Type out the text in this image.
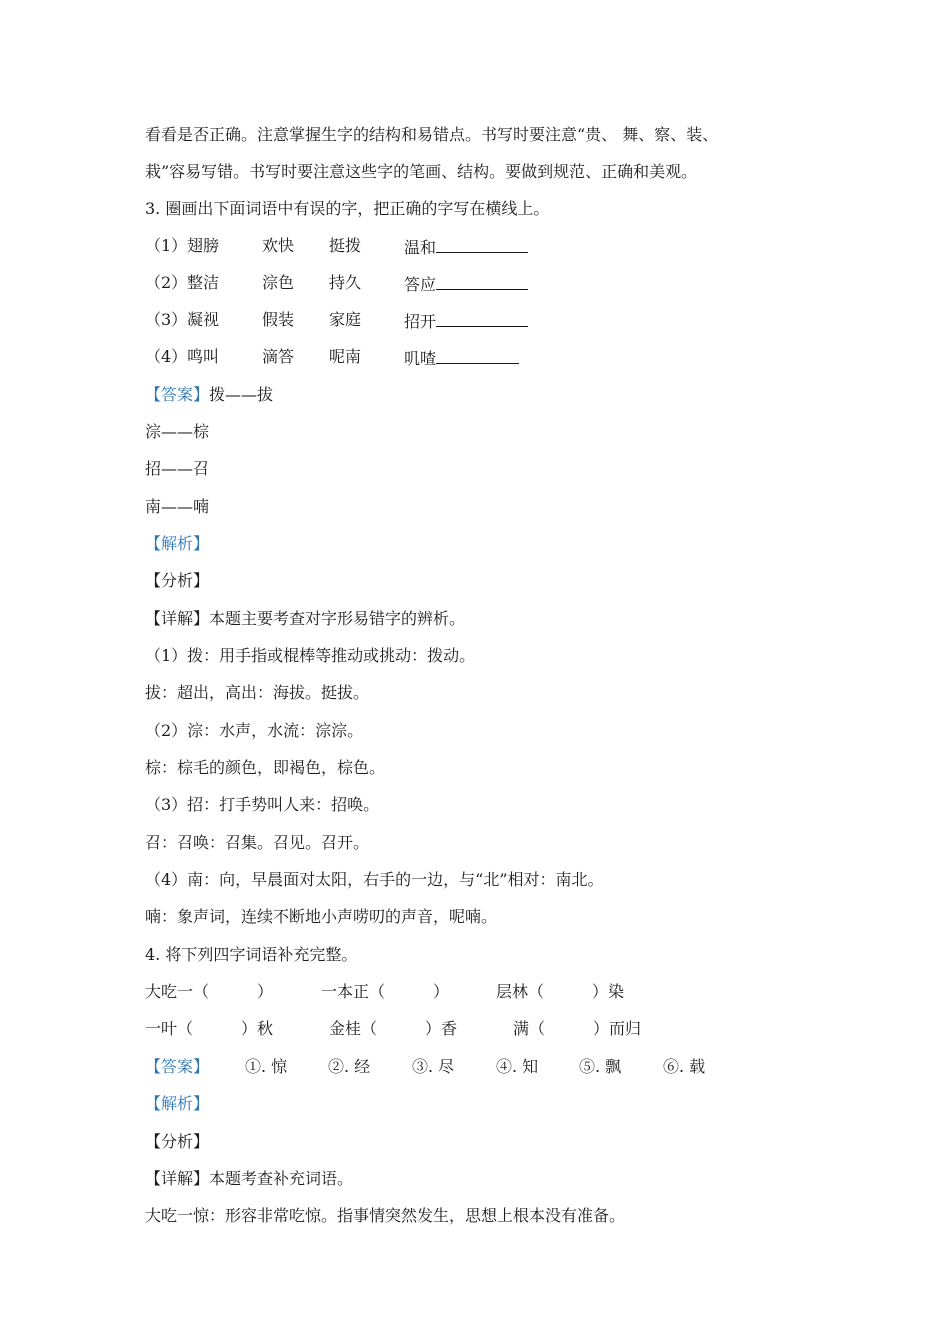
看看是否正确。注意掌握生字的结构和易错点。书写时要注意“贵、 舞、察、装、
栽”容易写错。书写时要注意这些字的笔画、结构。要做到规范、正确和美观。
3. 圈画出下面词语中有误的字，把正确的字写在横线上。
（1） 翅膀	欢快 挺拨	温和
（2） 整洁	淙色 持久	答应
（3） 凝视	假装 家庭	招开
（4） 鸣叫	滴答 呢南	叽喳
【答案】拨——拔
淙——棕
招——召
南——喃
【解析】
【分析】
【详解】本题主要考查对字形易错字的辨析。
（1）拨：用手指或棍棒等推动或挑动：拨动。
拔：超出，高出：海拔。挺拔。
（2）淙：水声，水流：淙淙。
棕：棕毛的颜色，即褐色，棕色。
（3）招：打手势叫人来：招唤。
召：召唤：召集。召见。召开。
（4）南：向，早晨面对太阳，右手的一边，与“北”相对：南北。
喃：象声词，连续不断地小声唠叨的声音，呢喃。
4. 将下列四字词语补充完整。
大吃一（　　　）	一本正（　　　）	层林（　　　）染
一叶（　　　）秋	金桂（　　　）香	满（　　　）而归
【答案】 ①. 惊	②. 经	③. 尽	④. 知	⑤. 飘	⑥. 载
【解析】
【分析】
【详解】本题考查补充词语。
大吃一惊：形容非常吃惊。指事情突然发生，思想上根本没有准备。
